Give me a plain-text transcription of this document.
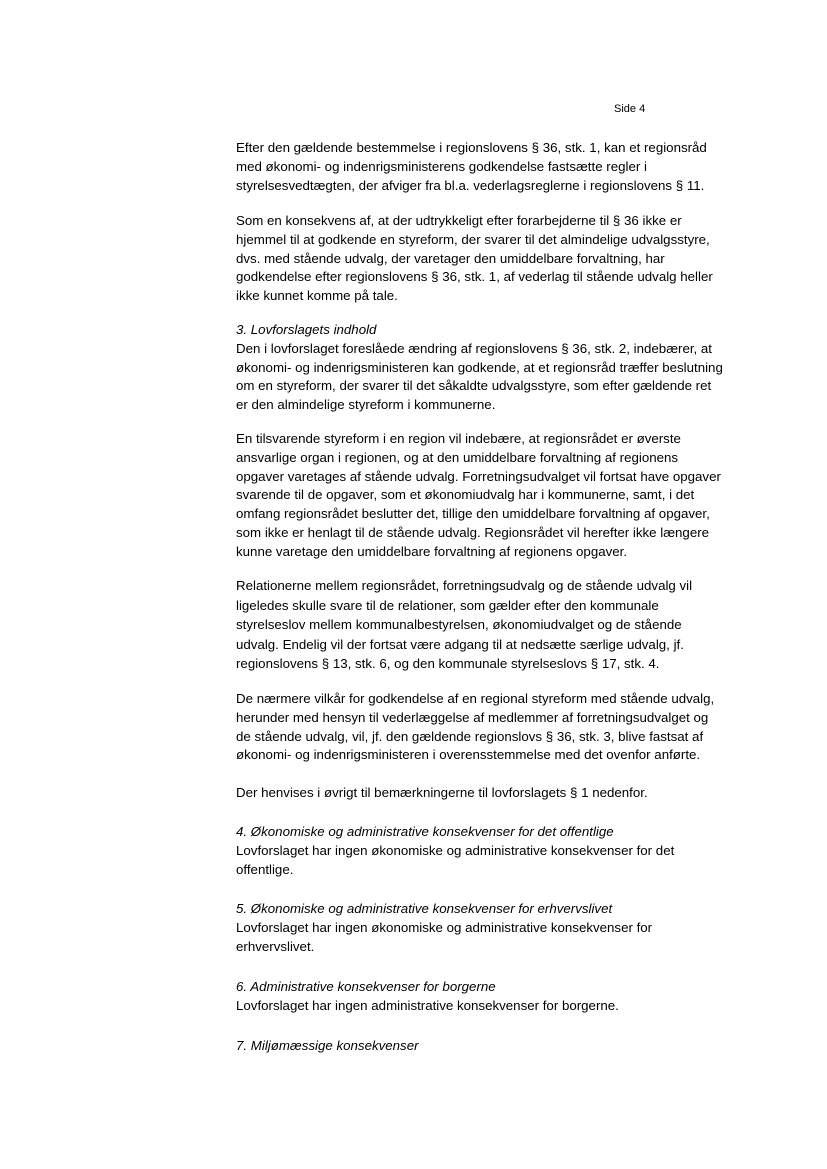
Side 4

Efter den gældende bestemmelse i regionslovens § 36, stk. 1, kan et regionsråd
med økonomi- og indenrigsministerens godkendelse fastsætte regler i
styrelsesvedtægten, der afviger fra bl.a. vederlagsreglerne i regionslovens § 11.

Som en konsekvens af, at der udtrykkeligt efter forarbejderne til § 36 ikke er
hjemmel til at godkende en styreform, der svarer til det almindelige udvalgsstyre,
dvs. med stående udvalg, der varetager den umiddelbare forvaltning, har
godkendelse efter regionslovens § 36, stk. 1, af vederlag til stående udvalg heller
ikke kunnet komme på tale.

3. Lovforslagets indhold
Den i lovforslaget foreslåede ændring af regionslovens § 36, stk. 2, indebærer, at
økonomi- og indenrigsministeren kan godkende, at et regionsråd træffer beslutning
om en styreform, der svarer til det såkaldte udvalgsstyre, som efter gældende ret
er den almindelige styreform i kommunerne.

En tilsvarende styreform i en region vil indebære, at regionsrådet er øverste
ansvarlige organ i regionen, og at den umiddelbare forvaltning af regionens
opgaver varetages af stående udvalg. Forretningsudvalget vil fortsat have opgaver
svarende til de opgaver, som et økonomiudvalg har i kommunerne, samt, i det
omfang regionsrådet beslutter det, tillige den umiddelbare forvaltning af opgaver,
som ikke er henlagt til de stående udvalg. Regionsrådet vil herefter ikke længere
kunne varetage den umiddelbare forvaltning af regionens opgaver.

Relationerne mellem regionsrådet, forretningsudvalg og de stående udvalg vil
ligeledes skulle svare til de relationer, som gælder efter den kommunale
styrelseslov mellem kommunalbestyrelsen, økonomiudvalget og de stående
udvalg. Endelig vil der fortsat være adgang til at nedsætte særlige udvalg, jf.
regionslovens § 13, stk. 6, og den kommunale styrelseslovs § 17, stk. 4.

De nærmere vilkår for godkendelse af en regional styreform med stående udvalg,
herunder med hensyn til vederlæggelse af medlemmer af forretningsudvalget og
de stående udvalg, vil, jf. den gældende regionslovs § 36, stk. 3, blive fastsat af
økonomi- og indenrigsministeren i overensstemmelse med det ovenfor anførte.

Der henvises i øvrigt til bemærkningerne til lovforslagets § 1 nedenfor.

4. Økonomiske og administrative konsekvenser for det offentlige
Lovforslaget har ingen økonomiske og administrative konsekvenser for det
offentlige.

5. Økonomiske og administrative konsekvenser for erhvervslivet
Lovforslaget har ingen økonomiske og administrative konsekvenser for
erhvervslivet.

6. Administrative konsekvenser for borgerne
Lovforslaget har ingen administrative konsekvenser for borgerne.

7. Miljømæssige konsekvenser
